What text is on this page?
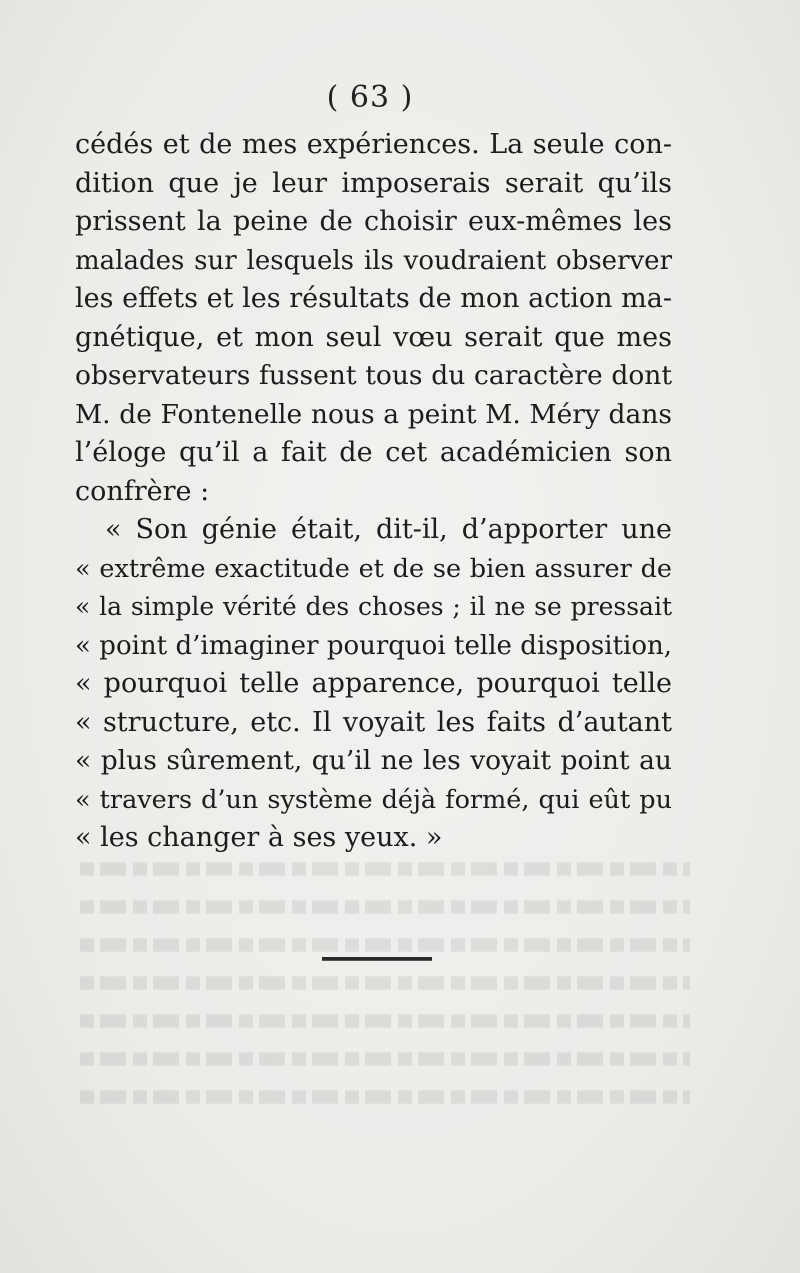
( 63 )
cédés et de mes expériences. La seule con-
dition que je leur imposerais serait qu’ils
prissent la peine de choisir eux-mêmes les
malades sur lesquels ils voudraient observer
les effets et les résultats de mon action ma-
gnétique, et mon seul vœu serait que mes
observateurs fussent tous du caractère dont
M. de Fontenelle nous a peint M. Méry dans
l’éloge qu’il a fait de cet académicien son
confrère :
« Son génie était, dit-il, d’apporter une
« extrême exactitude et de se bien assurer de
« la simple vérité des choses ; il ne se pressait
« point d’imaginer pourquoi telle disposition,
« pourquoi telle apparence, pourquoi telle
« structure, etc. Il voyait les faits d’autant
« plus sûrement, qu’il ne les voyait point au
« travers d’un système déjà formé, qui eût pu
« les changer à ses yeux. »
